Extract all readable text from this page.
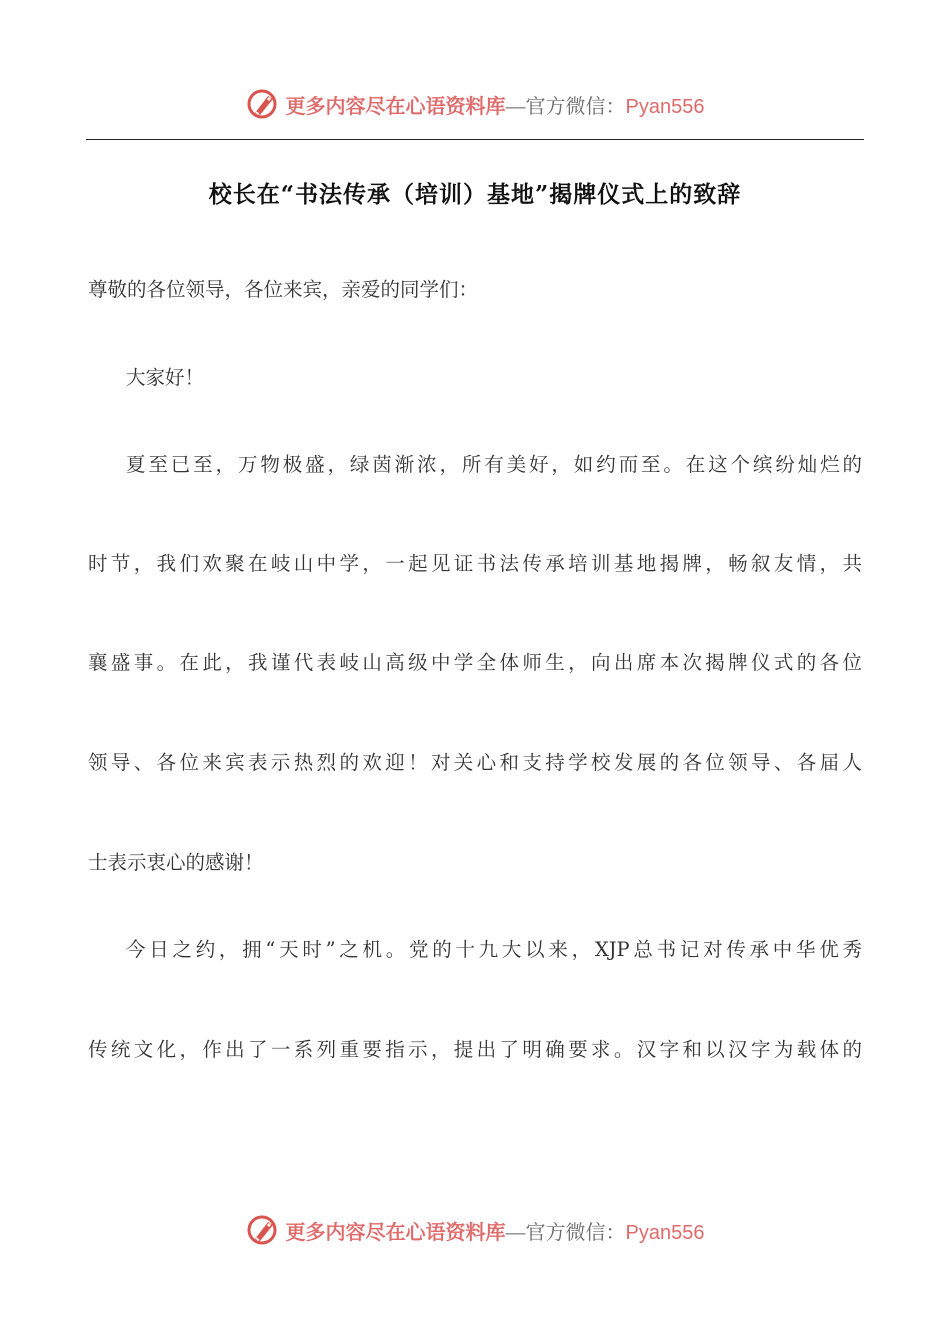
更多内容尽在心语资料库—官方微信：Pyan556
校长在“书法传承（培训）基地”揭牌仪式上的致辞
尊敬的各位领导，各位来宾，亲爱的同学们：
大家好！
夏至已至，万物极盛，绿茵渐浓，所有美好，如约而至。在这个缤纷灿烂的
时节，我们欢聚在岐山中学，一起见证书法传承培训基地揭牌，畅叙友情，共
襄盛事。在此，我谨代表岐山高级中学全体师生，向出席本次揭牌仪式的各位
领导、各位来宾表示热烈的欢迎！对关心和支持学校发展的各位领导、各届人
士表示衷心的感谢！
今日之约，拥“天时”之机。党的十九大以来，XJP总书记对传承中华优秀
传统文化，作出了一系列重要指示，提出了明确要求。汉字和以汉字为载体的
更多内容尽在心语资料库—官方微信：Pyan556
